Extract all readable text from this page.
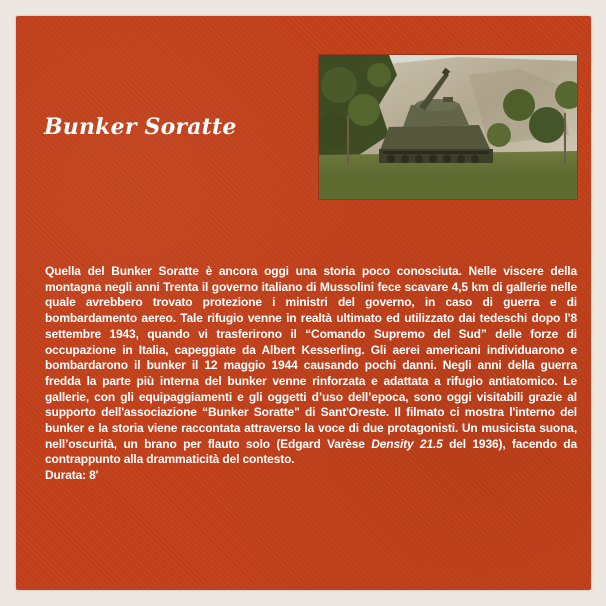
Bunker Soratte

Quella del Bunker Soratte è ancora oggi una storia poco conosciuta. Nelle viscere della montagna negli anni Trenta il governo italiano di Mussolini fece scavare 4,5 km di gallerie nelle quale avrebbero trovato protezione i ministri del governo, in caso di guerra e di bombardamento aereo. Tale rifugio venne in realtà ultimato ed utilizzato dai tedeschi dopo l'8 settembre 1943, quando vi trasferirono il “Comando Supremo del Sud” delle forze di occupazione in Italia, capeggiate da Albert Kesserling. Gli aerei americani individuarono e bombardarono il bunker il 12 maggio 1944 causando pochi danni. Negli anni della guerra fredda la parte più interna del bunker venne rinforzata e adattata a rifugio antiatomico. Le gallerie, con gli equipaggiamenti e gli oggetti d’uso dell’epoca, sono oggi visitabili grazie al supporto dell'associazione “Bunker Soratte" di Sant'Oreste. Il filmato ci mostra l'interno del bunker e la storia viene raccontata attraverso la voce di due protagonisti. Un musicista suona, nell’oscurità, un brano per flauto solo (Edgard Varèse Density 21.5 del 1936), facendo da contrappunto alla drammaticità del contesto.
Durata: 8'
